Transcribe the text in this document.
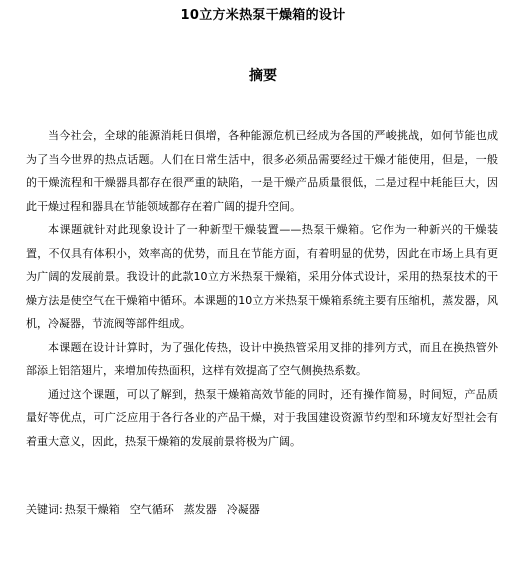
10立方米热泵干燥箱的设计
摘要

当今社会，全球的能源消耗日俱增，各种能源危机已经成为各国的严峻挑战，如何节能也成为了当今世界的热点话题。人们在日常生活中，很多必须品需要经过干燥才能使用，但是，一般的干燥流程和干燥器具都存在很严重的缺陷，一是干燥产品质量很低，二是过程中耗能巨大，因此干燥过程和器具在节能领域都存在着广阔的提升空间。

本课题就针对此现象设计了一种新型干燥装置——热泵干燥箱。它作为一种新兴的干燥装置，不仅具有体积小，效率高的优势，而且在节能方面，有着明显的优势，因此在市场上具有更为广阔的发展前景。我设计的此款10立方米热泵干燥箱，采用分体式设计，采用的热泵技术的干燥方法是使空气在干燥箱中循环。本课题的10立方米热泵干燥箱系统主要有压缩机，蒸发器，风机，冷凝器，节流阀等部件组成。

本课题在设计计算时，为了强化传热，设计中换热管采用叉排的排列方式，而且在换热管外部添上铝箔翅片，来增加传热面积，这样有效提高了空气侧换热系数。

通过这个课题，可以了解到，热泵干燥箱高效节能的同时，还有操作简易，时间短，产品质量好等优点，可广泛应用于各行各业的产品干燥，对于我国建设资源节约型和环境友好型社会有着重大意义，因此，热泵干燥箱的发展前景将极为广阔。

关键词: 热泵干燥箱 空气循环 蒸发器 冷凝器
